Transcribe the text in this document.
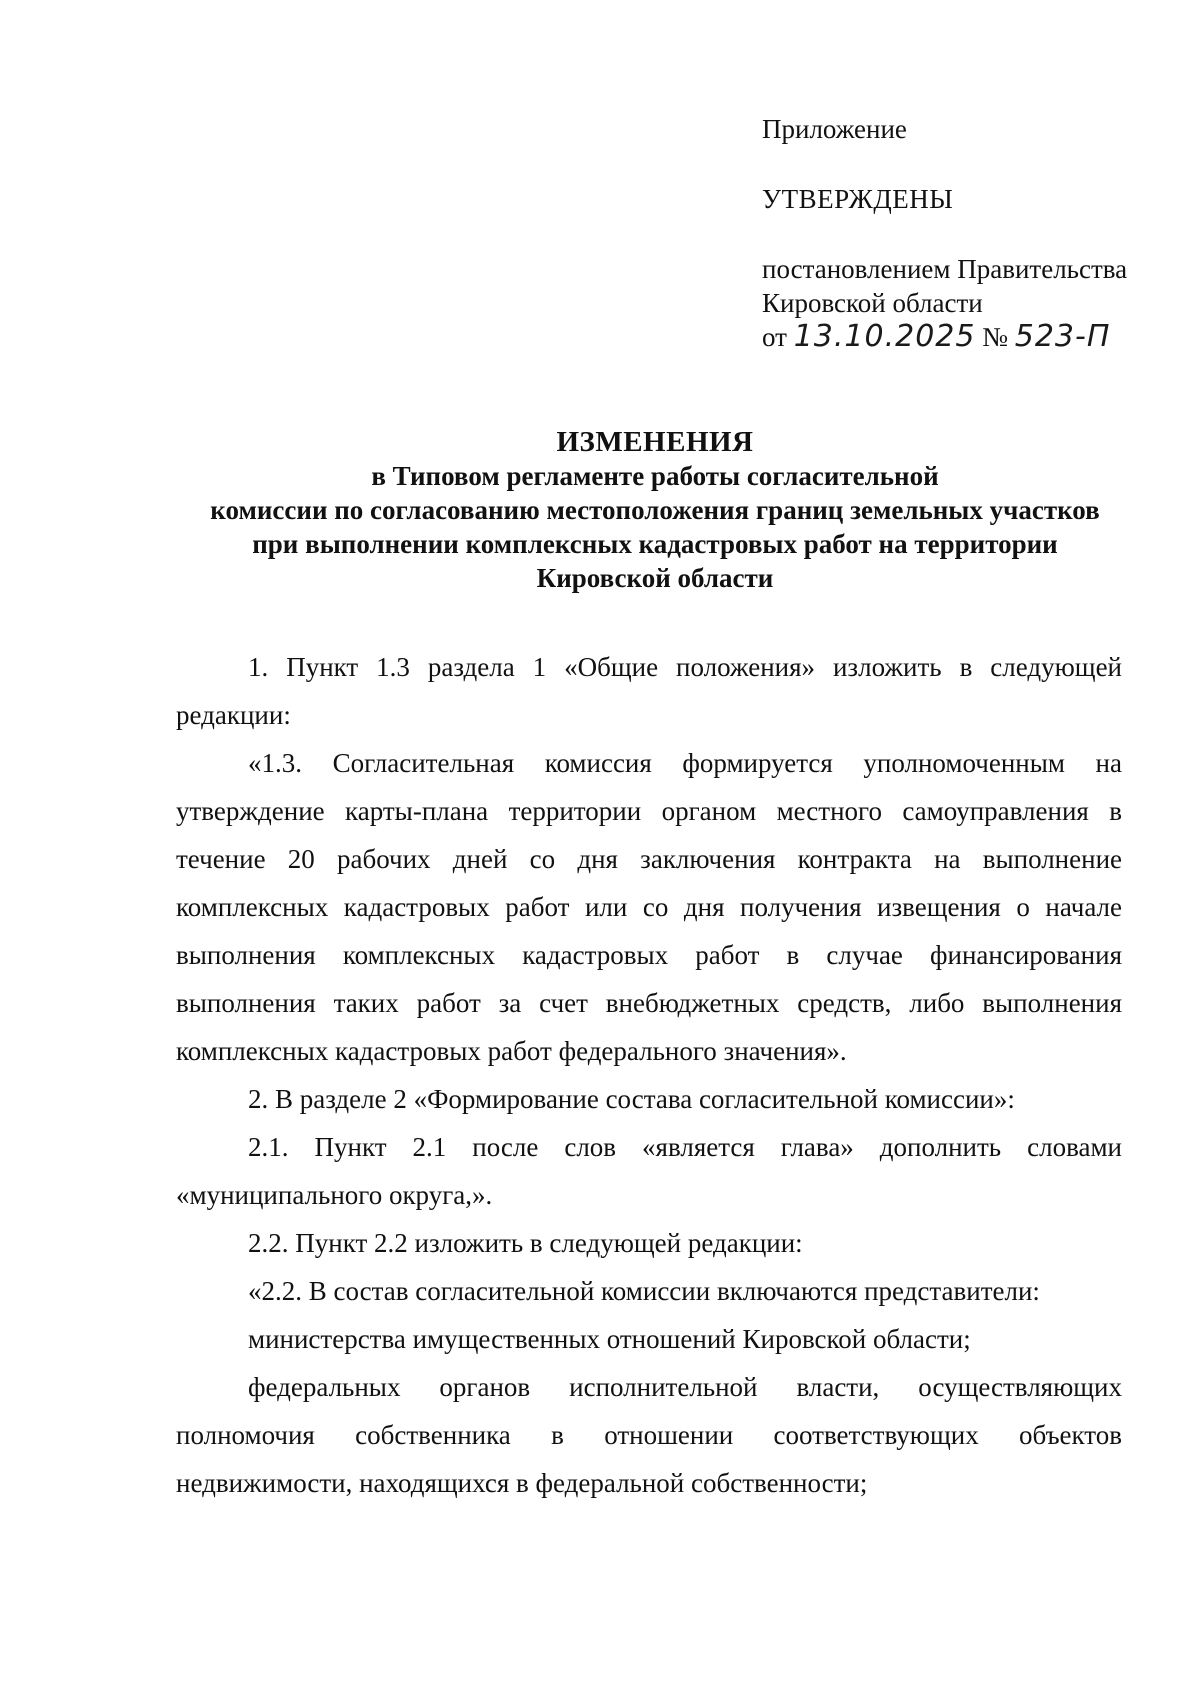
Приложение
УТВЕРЖДЕНЫ
постановлением Правительства
Кировской области
от 13.10.2025 № 523-П
ИЗМЕНЕНИЯ
в Типовом регламенте работы согласительной
комиссии по согласованию местоположения границ земельных участков
при выполнении комплексных кадастровых работ на территории
Кировской области

1. Пункт 1.3 раздела 1 «Общие положения» изложить в следующей редакции:

«1.3. Согласительная комиссия формируется уполномоченным на утверждение карты-плана территории органом местного самоуправления в течение 20 рабочих дней со дня заключения контракта на выполнение комплексных кадастровых работ или со дня получения извещения о начале выполнения комплексных кадастровых работ в случае финансирования выполнения таких работ за счет внебюджетных средств, либо выполнения комплексных кадастровых работ федерального значения».

2. В разделе 2 «Формирование состава согласительной комиссии»:

2.1. Пункт 2.1 после слов «является глава» дополнить словами «муниципального округа,».

2.2. Пункт 2.2 изложить в следующей редакции:

«2.2. В состав согласительной комиссии включаются представители:

министерства имущественных отношений Кировской области;

федеральных органов исполнительной власти, осуществляющих полномочия собственника в отношении соответствующих объектов недвижимости, находящихся в федеральной собственности;
